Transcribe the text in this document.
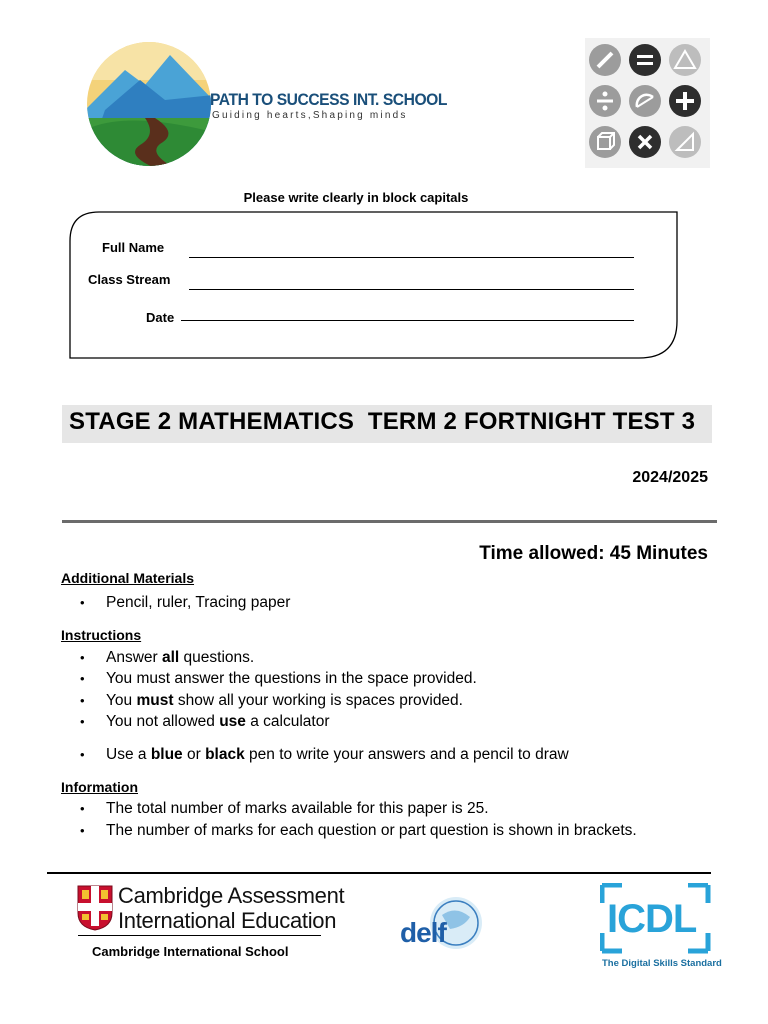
PATH TO SUCCESS INT. SCHOOL
Guiding hearts,Shaping minds
Please write clearly in block capitals
Full Name
Class Stream
Date
STAGE 2 MATHEMATICS  TERM 2 FORTNIGHT TEST 3
2024/2025
Time allowed: 45 Minutes
Additional Materials
• Pencil, ruler, Tracing paper
Instructions
• Answer all questions.
• You must answer the questions in the space provided.
• You must show all your working is spaces provided.
• You not allowed use a calculator
• Use a blue or black pen to write your answers and a pencil to draw
Information
• The total number of marks available for this paper is 25.
• The number of marks for each question or part question is shown in brackets.
Cambridge Assessment
International Education
Cambridge International School
delf	ICDL
The Digital Skills Standard
